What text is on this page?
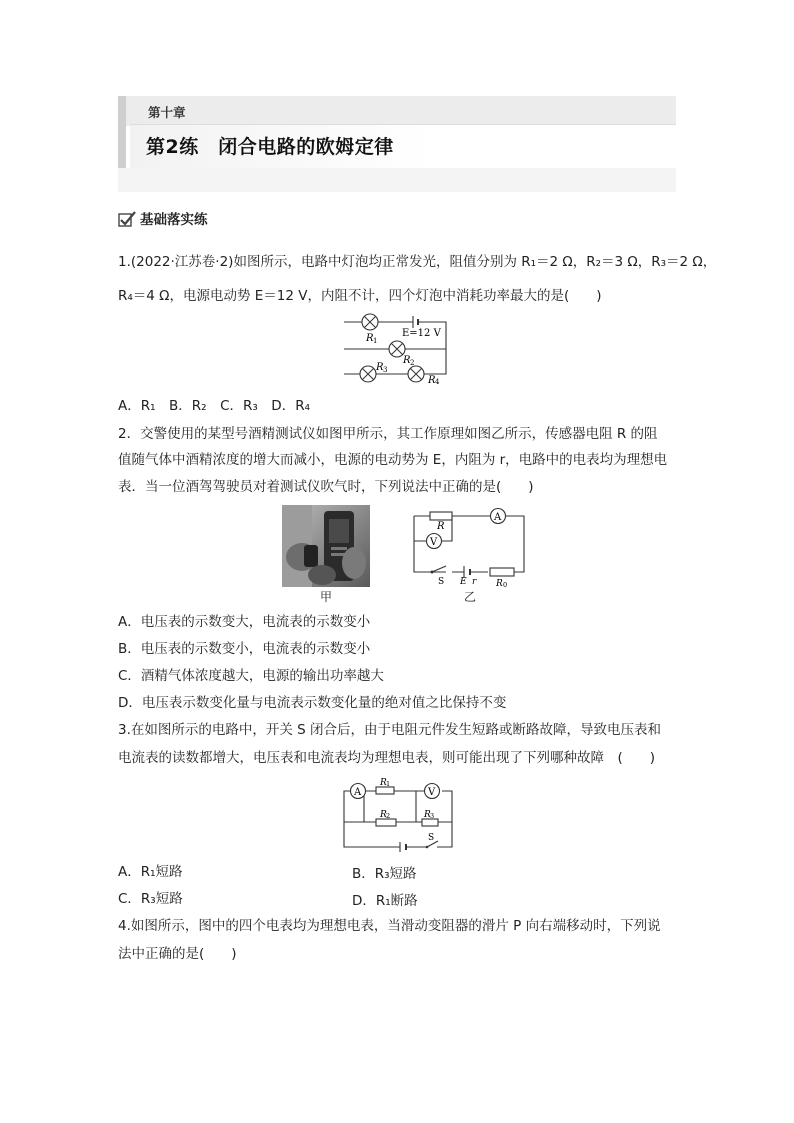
第十章
第2练　闭合电路的欧姆定律
基础落实练
1.(2022·江苏卷·2)如图所示，电路中灯泡均正常发光，阻值分别为 R₁＝2 Ω，R₂＝3 Ω，R₃＝2 Ω，
R₄＝4 Ω，电源电动势 E＝12 V，内阻不计，四个灯泡中消耗功率最大的是(　　)
R 1
E=12 V
R 2
R 3
R 4
A．R₁　B．R₂　C．R₃　D．R₄
2．交警使用的某型号酒精测试仪如图甲所示，其工作原理如图乙所示，传感器电阻 R 的阻
值随气体中酒精浓度的增大而减小，电源的电动势为 E，内阻为 r，电路中的电表均为理想电
表．当一位酒驾驾驶员对着测试仪吹气时，下列说法中正确的是(　　)
甲
A
V
R
S E r R 0
乙
A．电压表的示数变大，电流表的示数变小
B．电压表的示数变小，电流表的示数变小
C．酒精气体浓度越大，电源的输出功率越大
D．电压表示数变化量与电流表示数变化量的绝对值之比保持不变
3.在如图所示的电路中，开关 S 闭合后，由于电阻元件发生短路或断路故障，导致电压表和
电流表的读数都增大，电压表和电流表均为理想电表，则可能出现了下列哪种故障　(　　)
A	V
R 1
R 2	R 3
S
A．R₁短路	B．R₃短路
C．R₃短路	D．R₁断路
4.如图所示，图中的四个电表均为理想电表，当滑动变阻器的滑片 P 向右端移动时，下列说
法中正确的是(　　)
